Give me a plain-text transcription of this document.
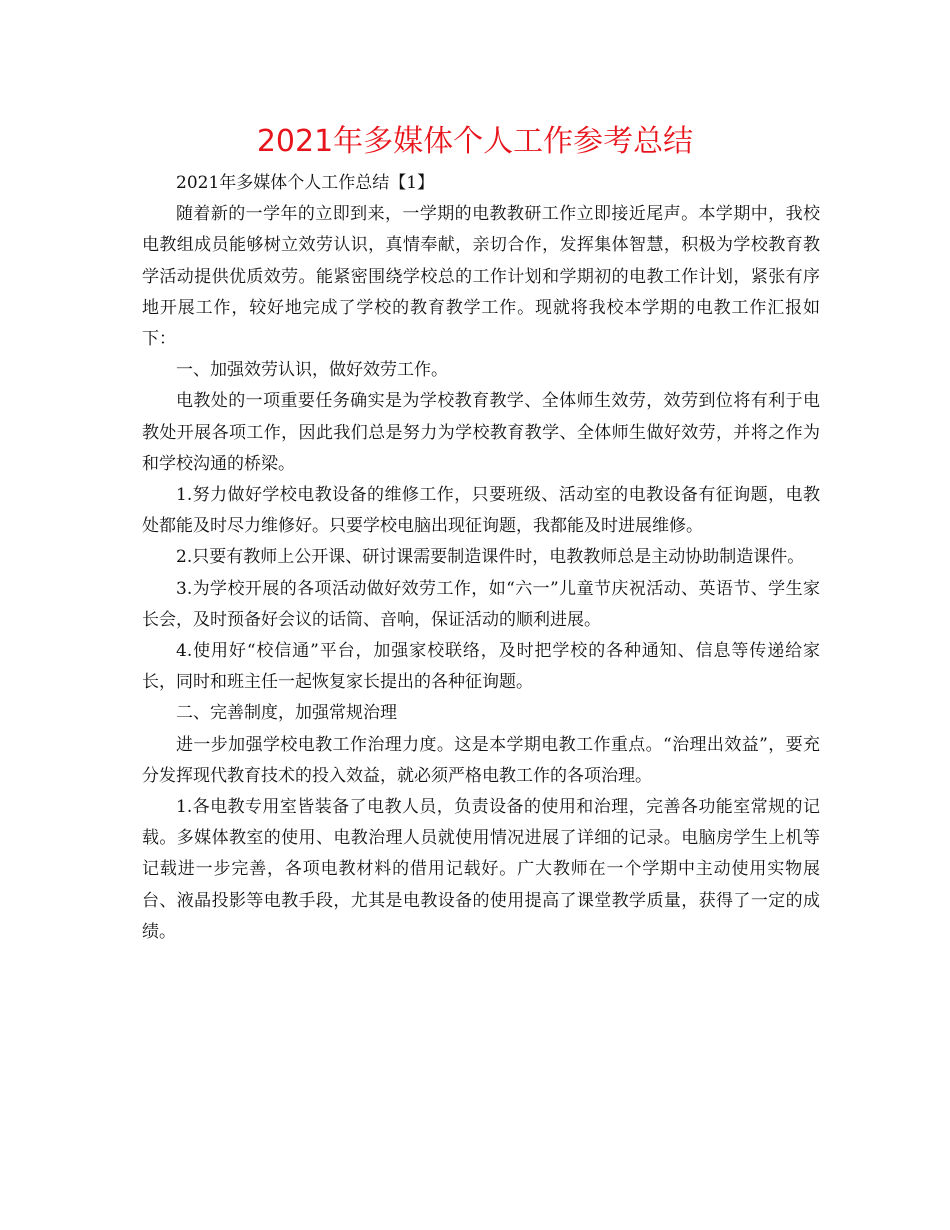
2021年多媒体个人工作参考总结

2021年多媒体个人工作总结【1】

随着新的一学年的立即到来，一学期的电教教研工作立即接近尾声。本学期中，我校电教组成员能够树立效劳认识，真情奉献，亲切合作，发挥集体智慧，积极为学校教育教学活动提供优质效劳。能紧密围绕学校总的工作计划和学期初的电教工作计划，紧张有序地开展工作，较好地完成了学校的教育教学工作。现就将我校本学期的电教工作汇报如下：

一、加强效劳认识，做好效劳工作。

电教处的一项重要任务确实是为学校教育教学、全体师生效劳，效劳到位将有利于电教处开展各项工作，因此我们总是努力为学校教育教学、全体师生做好效劳，并将之作为和学校沟通的桥梁。

1.努力做好学校电教设备的维修工作，只要班级、活动室的电教设备有征询题，电教处都能及时尽力维修好。只要学校电脑出现征询题，我都能及时进展维修。

2.只要有教师上公开课、研讨课需要制造课件时，电教教师总是主动协助制造课件。

3.为学校开展的各项活动做好效劳工作，如“六一”儿童节庆祝活动、英语节、学生家长会，及时预备好会议的话筒、音响，保证活动的顺利进展。

4.使用好“校信通”平台，加强家校联络，及时把学校的各种通知、信息等传递给家长，同时和班主任一起恢复家长提出的各种征询题。

二、完善制度，加强常规治理

进一步加强学校电教工作治理力度。这是本学期电教工作重点。“治理出效益”，要充分发挥现代教育技术的投入效益，就必须严格电教工作的各项治理。

1.各电教专用室皆装备了电教人员，负责设备的使用和治理，完善各功能室常规的记载。多媒体教室的使用、电教治理人员就使用情况进展了详细的记录。电脑房学生上机等记载进一步完善，各项电教材料的借用记载好。广大教师在一个学期中主动使用实物展台、液晶投影等电教手段，尤其是电教设备的使用提高了课堂教学质量，获得了一定的成绩。
